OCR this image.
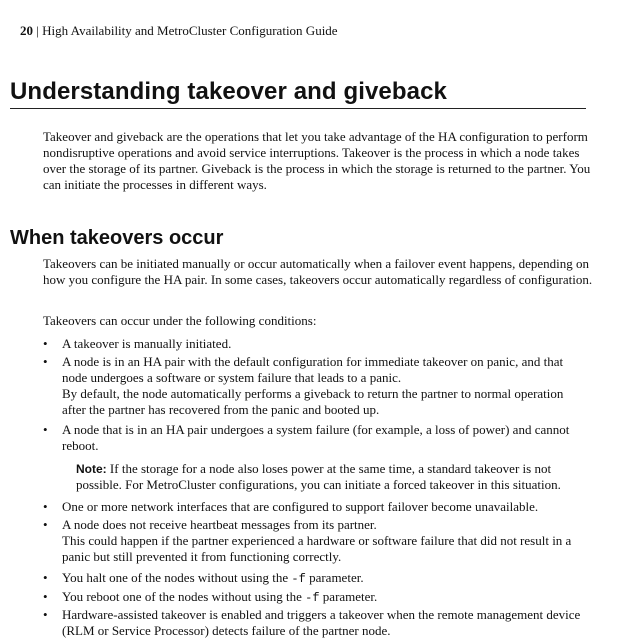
20 | High Availability and MetroCluster Configuration Guide
Understanding takeover and giveback
Takeover and giveback are the operations that let you take advantage of the HA configuration to perform nondisruptive operations and avoid service interruptions. Takeover is the process in which a node takes over the storage of its partner. Giveback is the process in which the storage is returned to the partner. You can initiate the processes in different ways.
When takeovers occur
Takeovers can be initiated manually or occur automatically when a failover event happens, depending on how you configure the HA pair. In some cases, takeovers occur automatically regardless of configuration.
Takeovers can occur under the following conditions:
• A takeover is manually initiated.
• A node is in an HA pair with the default configuration for immediate takeover on panic, and that node undergoes a software or system failure that leads to a panic.
By default, the node automatically performs a giveback to return the partner to normal operation after the partner has recovered from the panic and booted up.
• A node that is in an HA pair undergoes a system failure (for example, a loss of power) and cannot reboot.
Note: If the storage for a node also loses power at the same time, a standard takeover is not possible. For MetroCluster configurations, you can initiate a forced takeover in this situation.
• One or more network interfaces that are configured to support failover become unavailable.
• A node does not receive heartbeat messages from its partner.
This could happen if the partner experienced a hardware or software failure that did not result in a panic but still prevented it from functioning correctly.
• You halt one of the nodes without using the -f parameter.
• You reboot one of the nodes without using the -f parameter.
• Hardware-assisted takeover is enabled and triggers a takeover when the remote management device (RLM or Service Processor) detects failure of the partner node.
